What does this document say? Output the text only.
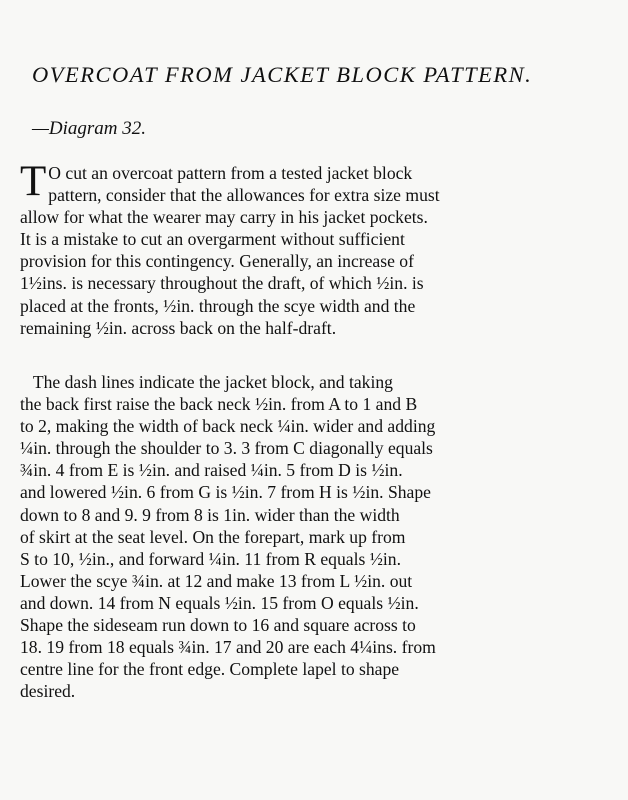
OVERCOAT FROM JACKET BLOCK PATTERN.
—Diagram 32.
T O cut an overcoat pattern from a tested jacket block
pattern, consider that the allowances for extra size must
allow for what the wearer may carry in his jacket pockets.
It is a mistake to cut an overgarment without sufficient
provision for this contingency. Generally, an increase of
1½ins. is necessary throughout the draft, of which ½in. is
placed at the fronts, ½in. through the scye width and the
remaining ½in. across back on the half-draft.
The dash lines indicate the jacket block, and taking
the back first raise the back neck ½in. from A to 1 and B
to 2, making the width of back neck ¼in. wider and adding
¼in. through the shoulder to 3. 3 from C diagonally equals
¾in. 4 from E is ½in. and raised ¼in. 5 from D is ½in.
and lowered ½in. 6 from G is ½in. 7 from H is ½in. Shape
down to 8 and 9. 9 from 8 is 1in. wider than the width
of skirt at the seat level. On the forepart, mark up from
S to 10, ½in., and forward ¼in. 11 from R equals ½in.
Lower the scye ¾in. at 12 and make 13 from L ½in. out
and down. 14 from N equals ½in. 15 from O equals ½in.
Shape the sideseam run down to 16 and square across to
18. 19 from 18 equals ¾in. 17 and 20 are each 4¼ins. from
centre line for the front edge. Complete lapel to shape
desired.
